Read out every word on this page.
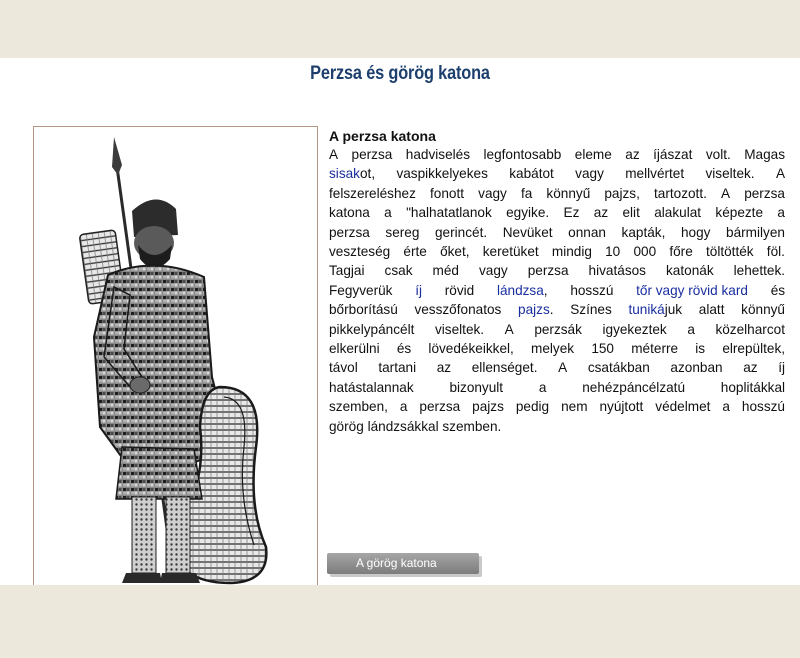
Perzsa és görög katona
A perzsa katona
A
perzsa
hadviselés
legfontosabb
eleme
az
íjászat
volt.
Magas
sisak ot,
vaspikkelyekes
kabátot
vagy
mellvértet
viseltek.
A
felszereléshez
fonott
vagy
fa
könnyű
pajzs,
tartozott.
A
perzsa
katona
a
"halhatatlanok
egyike.
Ez
az
elit
alakulat
képezte
a
perzsa
sereg
gerincét.
Nevüket
onnan
kapták,
hogy
bármilyen
veszteség
érte
őket,
keretüket
mindig
10
000
főre
töltötték
föl.
Tagjai
csak
méd
vagy
perzsa
hivatásos
katonák
lehettek.
Fegyverük
íj
rövid
lándzsa ,
hosszú
tőr vagy rövid kard
és
bőrborítású
vesszőfonatos
pajzs .
Színes
tuniká juk
alatt
könnyű
pikkelypáncélt
viseltek.
A
perzsák
igyekeztek
a
közelharcot
elkerülni
és
lövedékeikkel,
melyek
150
méterre
is
elrepültek,
távol
tartani
az
ellenséget.
A
csatákban
azonban
az
íj
hatástalannak
	bizonyult
	a
	nehézpáncélzatú
	hoplitákkal
szemben,
a
perzsa
pajzs
pedig
nem
nyújtott
védelmet
a
hosszú
görög
lándzsákkal
szemben.
A görög katona
